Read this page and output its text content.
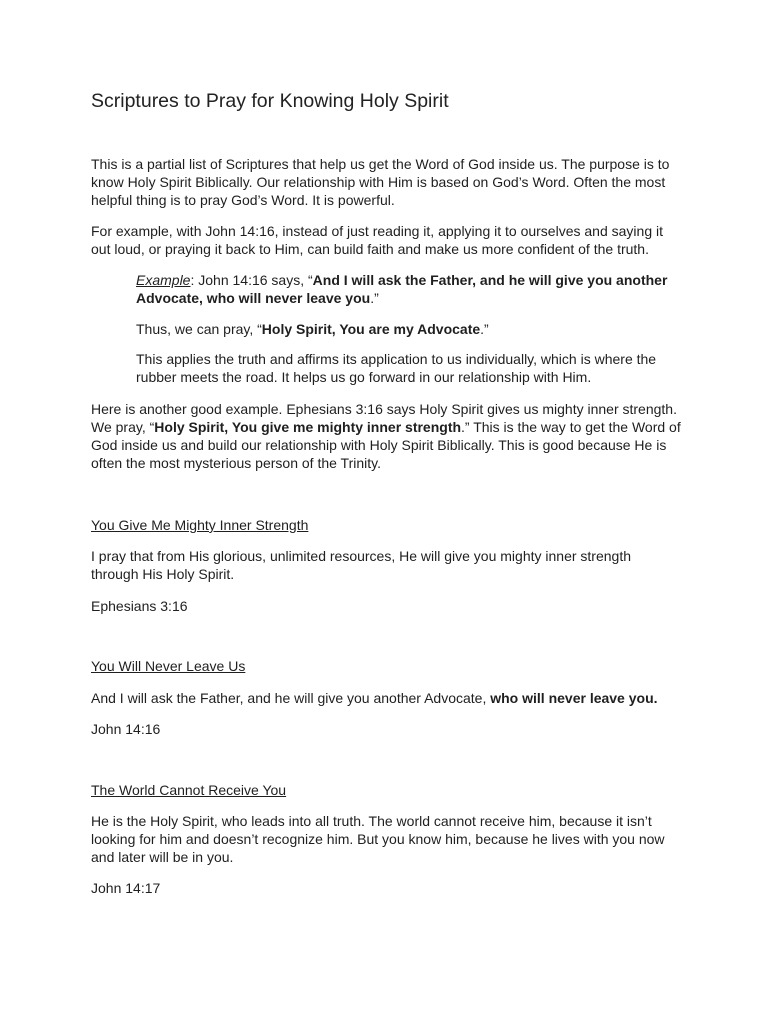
Scriptures to Pray for Knowing Holy Spirit

This is a partial list of Scriptures that help us get the Word of God inside us. The purpose is to know Holy Spirit Biblically. Our relationship with Him is based on God’s Word. Often the most helpful thing is to pray God’s Word. It is powerful.

For example, with John 14:16, instead of just reading it, applying it to ourselves and saying it out loud, or praying it back to Him, can build faith and make us more confident of the truth.

Example: John 14:16 says, “And I will ask the Father, and he will give you another Advocate, who will never leave you.”

Thus, we can pray, “Holy Spirit, You are my Advocate.”

This applies the truth and affirms its application to us individually, which is where the rubber meets the road. It helps us go forward in our relationship with Him.

Here is another good example. Ephesians 3:16 says Holy Spirit gives us mighty inner strength. We pray, “Holy Spirit, You give me mighty inner strength.” This is the way to get the Word of God inside us and build our relationship with Holy Spirit Biblically. This is good because He is often the most mysterious person of the Trinity.

You Give Me Mighty Inner Strength

I pray that from His glorious, unlimited resources, He will give you mighty inner strength through His Holy Spirit.

Ephesians 3:16

You Will Never Leave Us

And I will ask the Father, and he will give you another Advocate, who will never leave you.

John 14:16

The World Cannot Receive You

He is the Holy Spirit, who leads into all truth. The world cannot receive him, because it isn’t looking for him and doesn’t recognize him. But you know him, because he lives with you now and later will be in you.

John 14:17
